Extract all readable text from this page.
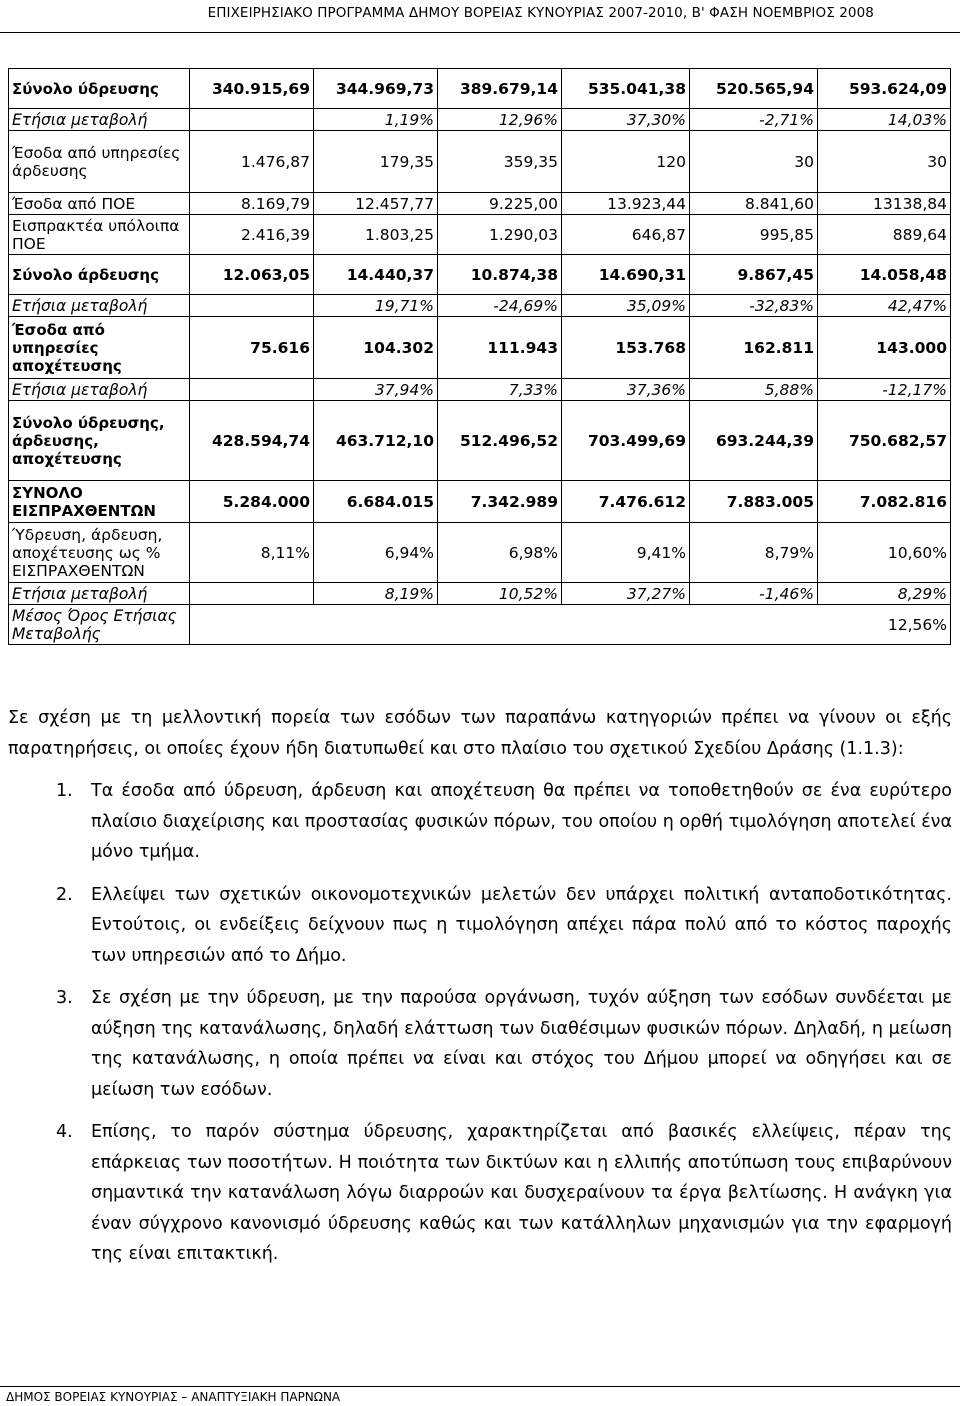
ΕΠΙΧΕΙΡΗΣΙΑΚΟ ΠΡΟΓΡΑΜΜΑ ΔΗΜΟΥ ΒΟΡΕΙΑΣ ΚΥΝΟΥΡΙΑΣ 2007-2010, Β' ΦΑΣΗ ΝΟΕΜΒΡΙΟΣ 2008
Σύνολο ύδρευσης	340.915,69	344.969,73	389.679,14	535.041,38	520.565,94	593.624,09
Ετήσια μεταβολή		1,19%	12,96%	37,30%	-2,71%	14,03%
Έσοδα από υπηρεσίες άρδευσης	1.476,87	179,35	359,35	120	30	30
Έσοδα από ΠΟΕ	8.169,79	12.457,77	9.225,00	13.923,44	8.841,60	13138,84
Εισπρακτέα υπόλοιπα ΠΟΕ	2.416,39	1.803,25	1.290,03	646,87	995,85	889,64
Σύνολο άρδευσης	12.063,05	14.440,37	10.874,38	14.690,31	9.867,45	14.058,48
Ετήσια μεταβολή		19,71%	-24,69%	35,09%	-32,83%	42,47%
Έσοδα από υπηρεσίες αποχέτευσης	75.616	104.302	111.943	153.768	162.811	143.000
Ετήσια μεταβολή		37,94%	7,33%	37,36%	5,88%	-12,17%
Σύνολο ύδρευσης, άρδευσης, αποχέτευσης	428.594,74	463.712,10	512.496,52	703.499,69	693.244,39	750.682,57
ΣΥΝΟΛΟ ΕΙΣΠΡΑΧΘΕΝΤΩΝ	5.284.000	6.684.015	7.342.989	7.476.612	7.883.005	7.082.816
Ύδρευση, άρδευση, αποχέτευσης ως % ΕΙΣΠΡΑΧΘΕΝΤΩΝ	8,11%	6,94%	6,98%	9,41%	8,79%	10,60%
Ετήσια μεταβολή		8,19%	10,52%	37,27%	-1,46%	8,29%
Μέσος Όρος Ετήσιας Μεταβολής	12,56%					

Σε σχέση με τη μελλοντική πορεία των εσόδων των παραπάνω κατηγοριών πρέπει να γίνουν οι εξής παρατηρήσεις, οι οποίες έχουν ήδη διατυπωθεί και στο πλαίσιο του σχετικού Σχεδίου Δράσης (1.1.3):

1. Τα έσοδα από ύδρευση, άρδευση και αποχέτευση θα πρέπει να τοποθετηθούν σε ένα ευρύτερο πλαίσιο διαχείρισης και προστασίας φυσικών πόρων, του οποίου η ορθή τιμολόγηση αποτελεί ένα μόνο τμήμα.
2. Ελλείψει των σχετικών οικονομοτεχνικών μελετών δεν υπάρχει πολιτική ανταποδοτικότητας. Εντούτοις, οι ενδείξεις δείχνουν πως η τιμολόγηση απέχει πάρα πολύ από το κόστος παροχής των υπηρεσιών από το Δήμο.
3. Σε σχέση με την ύδρευση, με την παρούσα οργάνωση, τυχόν αύξηση των εσόδων συνδέεται με αύξηση της κατανάλωσης, δηλαδή ελάττωση των διαθέσιμων φυσικών πόρων. Δηλαδή, η μείωση της κατανάλωσης, η οποία πρέπει να είναι και στόχος του Δήμου μπορεί να οδηγήσει και σε μείωση των εσόδων.
4. Επίσης, το παρόν σύστημα ύδρευσης, χαρακτηρίζεται από βασικές ελλείψεις, πέραν της επάρκειας των ποσοτήτων. Η ποιότητα των δικτύων και η ελλιπής αποτύπωση τους επιβαρύνουν σημαντικά την κατανάλωση λόγω διαρροών και δυσχεραίνουν τα έργα βελτίωσης. Η ανάγκη για έναν σύγχρονο κανονισμό ύδρευσης καθώς και των κατάλληλων μηχανισμών για την εφαρμογή της είναι επιτακτική.
ΔΗΜΟΣ ΒΟΡΕΙΑΣ ΚΥΝΟΥΡΙΑΣ – ΑΝΑΠΤΥΞΙΑΚΗ ΠΑΡΝΩΝΑ
